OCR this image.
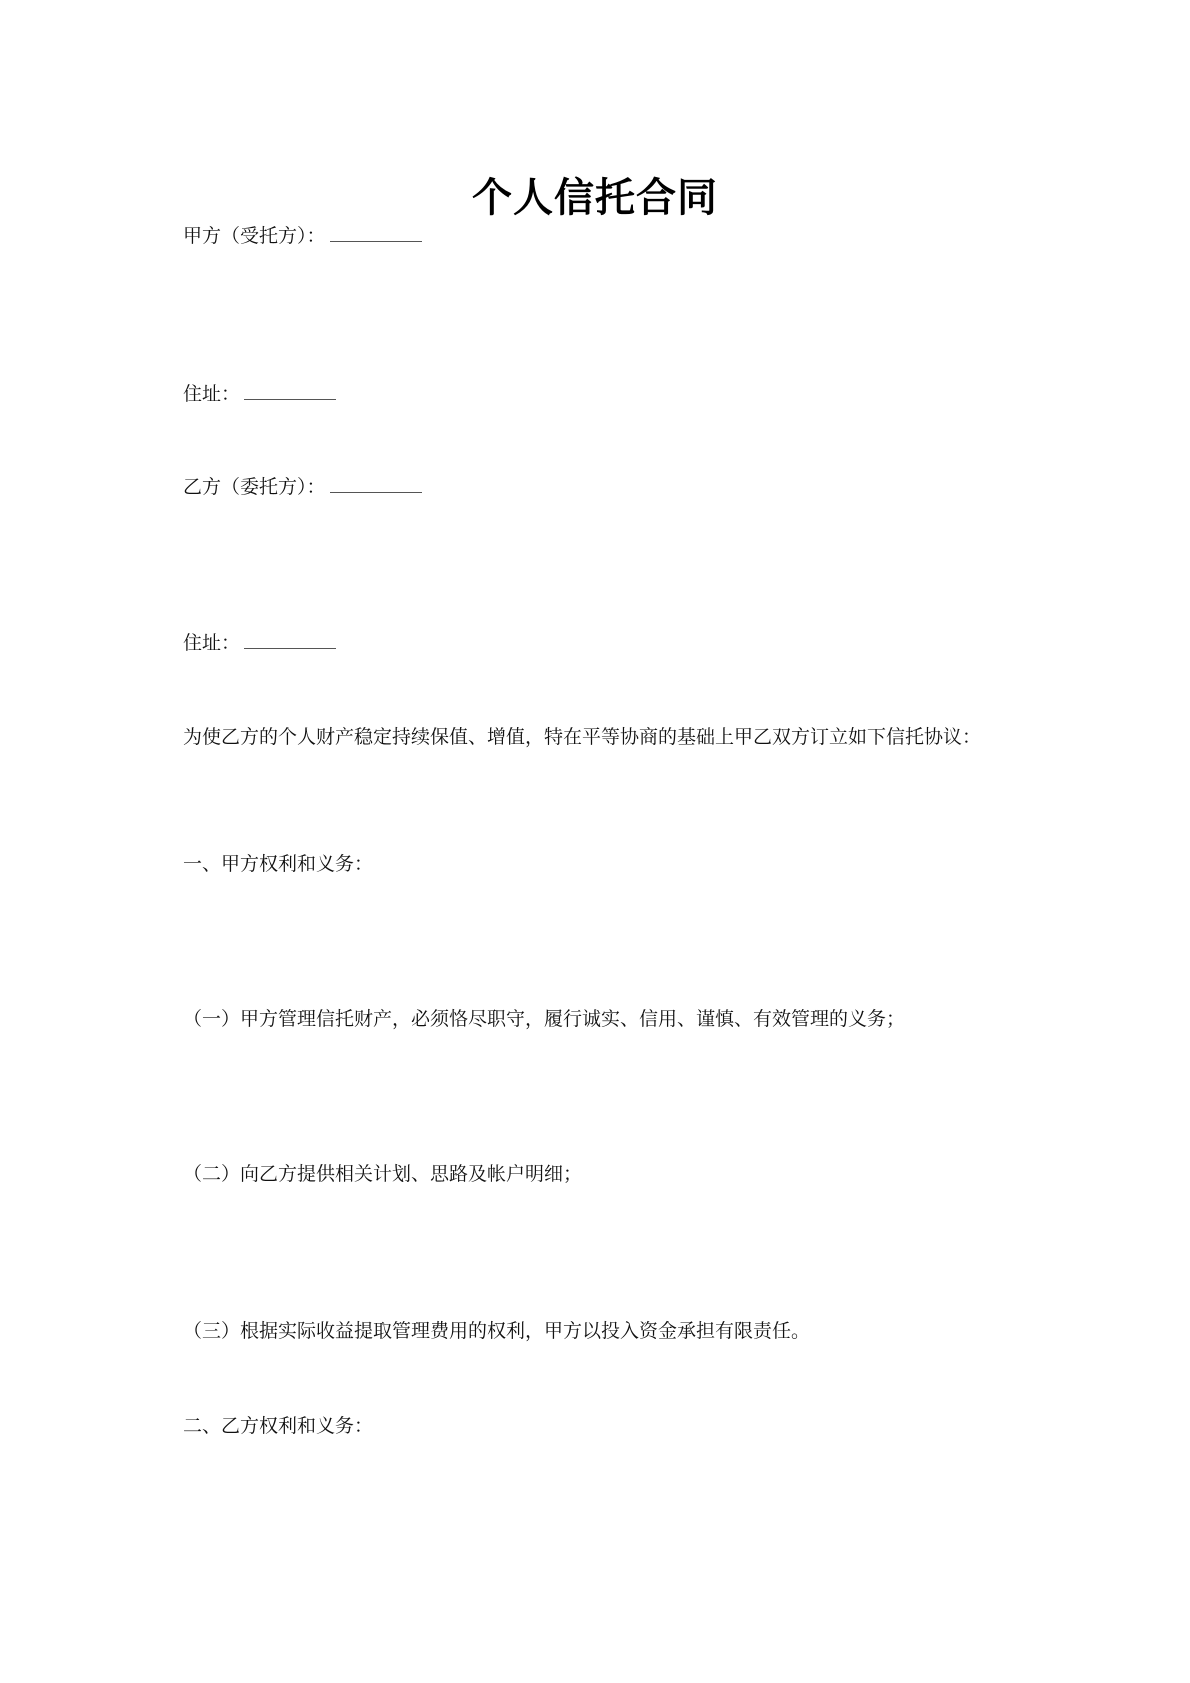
个人信托合同
甲方（受托方）：
住址：
乙方（委托方）：
住址：
为使乙方的个人财产稳定持续保值、增值，特在平等协商的基础上甲乙双方订立如下信托协议：
一、甲方权利和义务：
（一）甲方管理信托财产，必须恪尽职守，履行诚实、信用、谨慎、有效管理的义务；
（二）向乙方提供相关计划、思路及帐户明细；
（三）根据实际收益提取管理费用的权利，甲方以投入资金承担有限责任。
二、乙方权利和义务：
